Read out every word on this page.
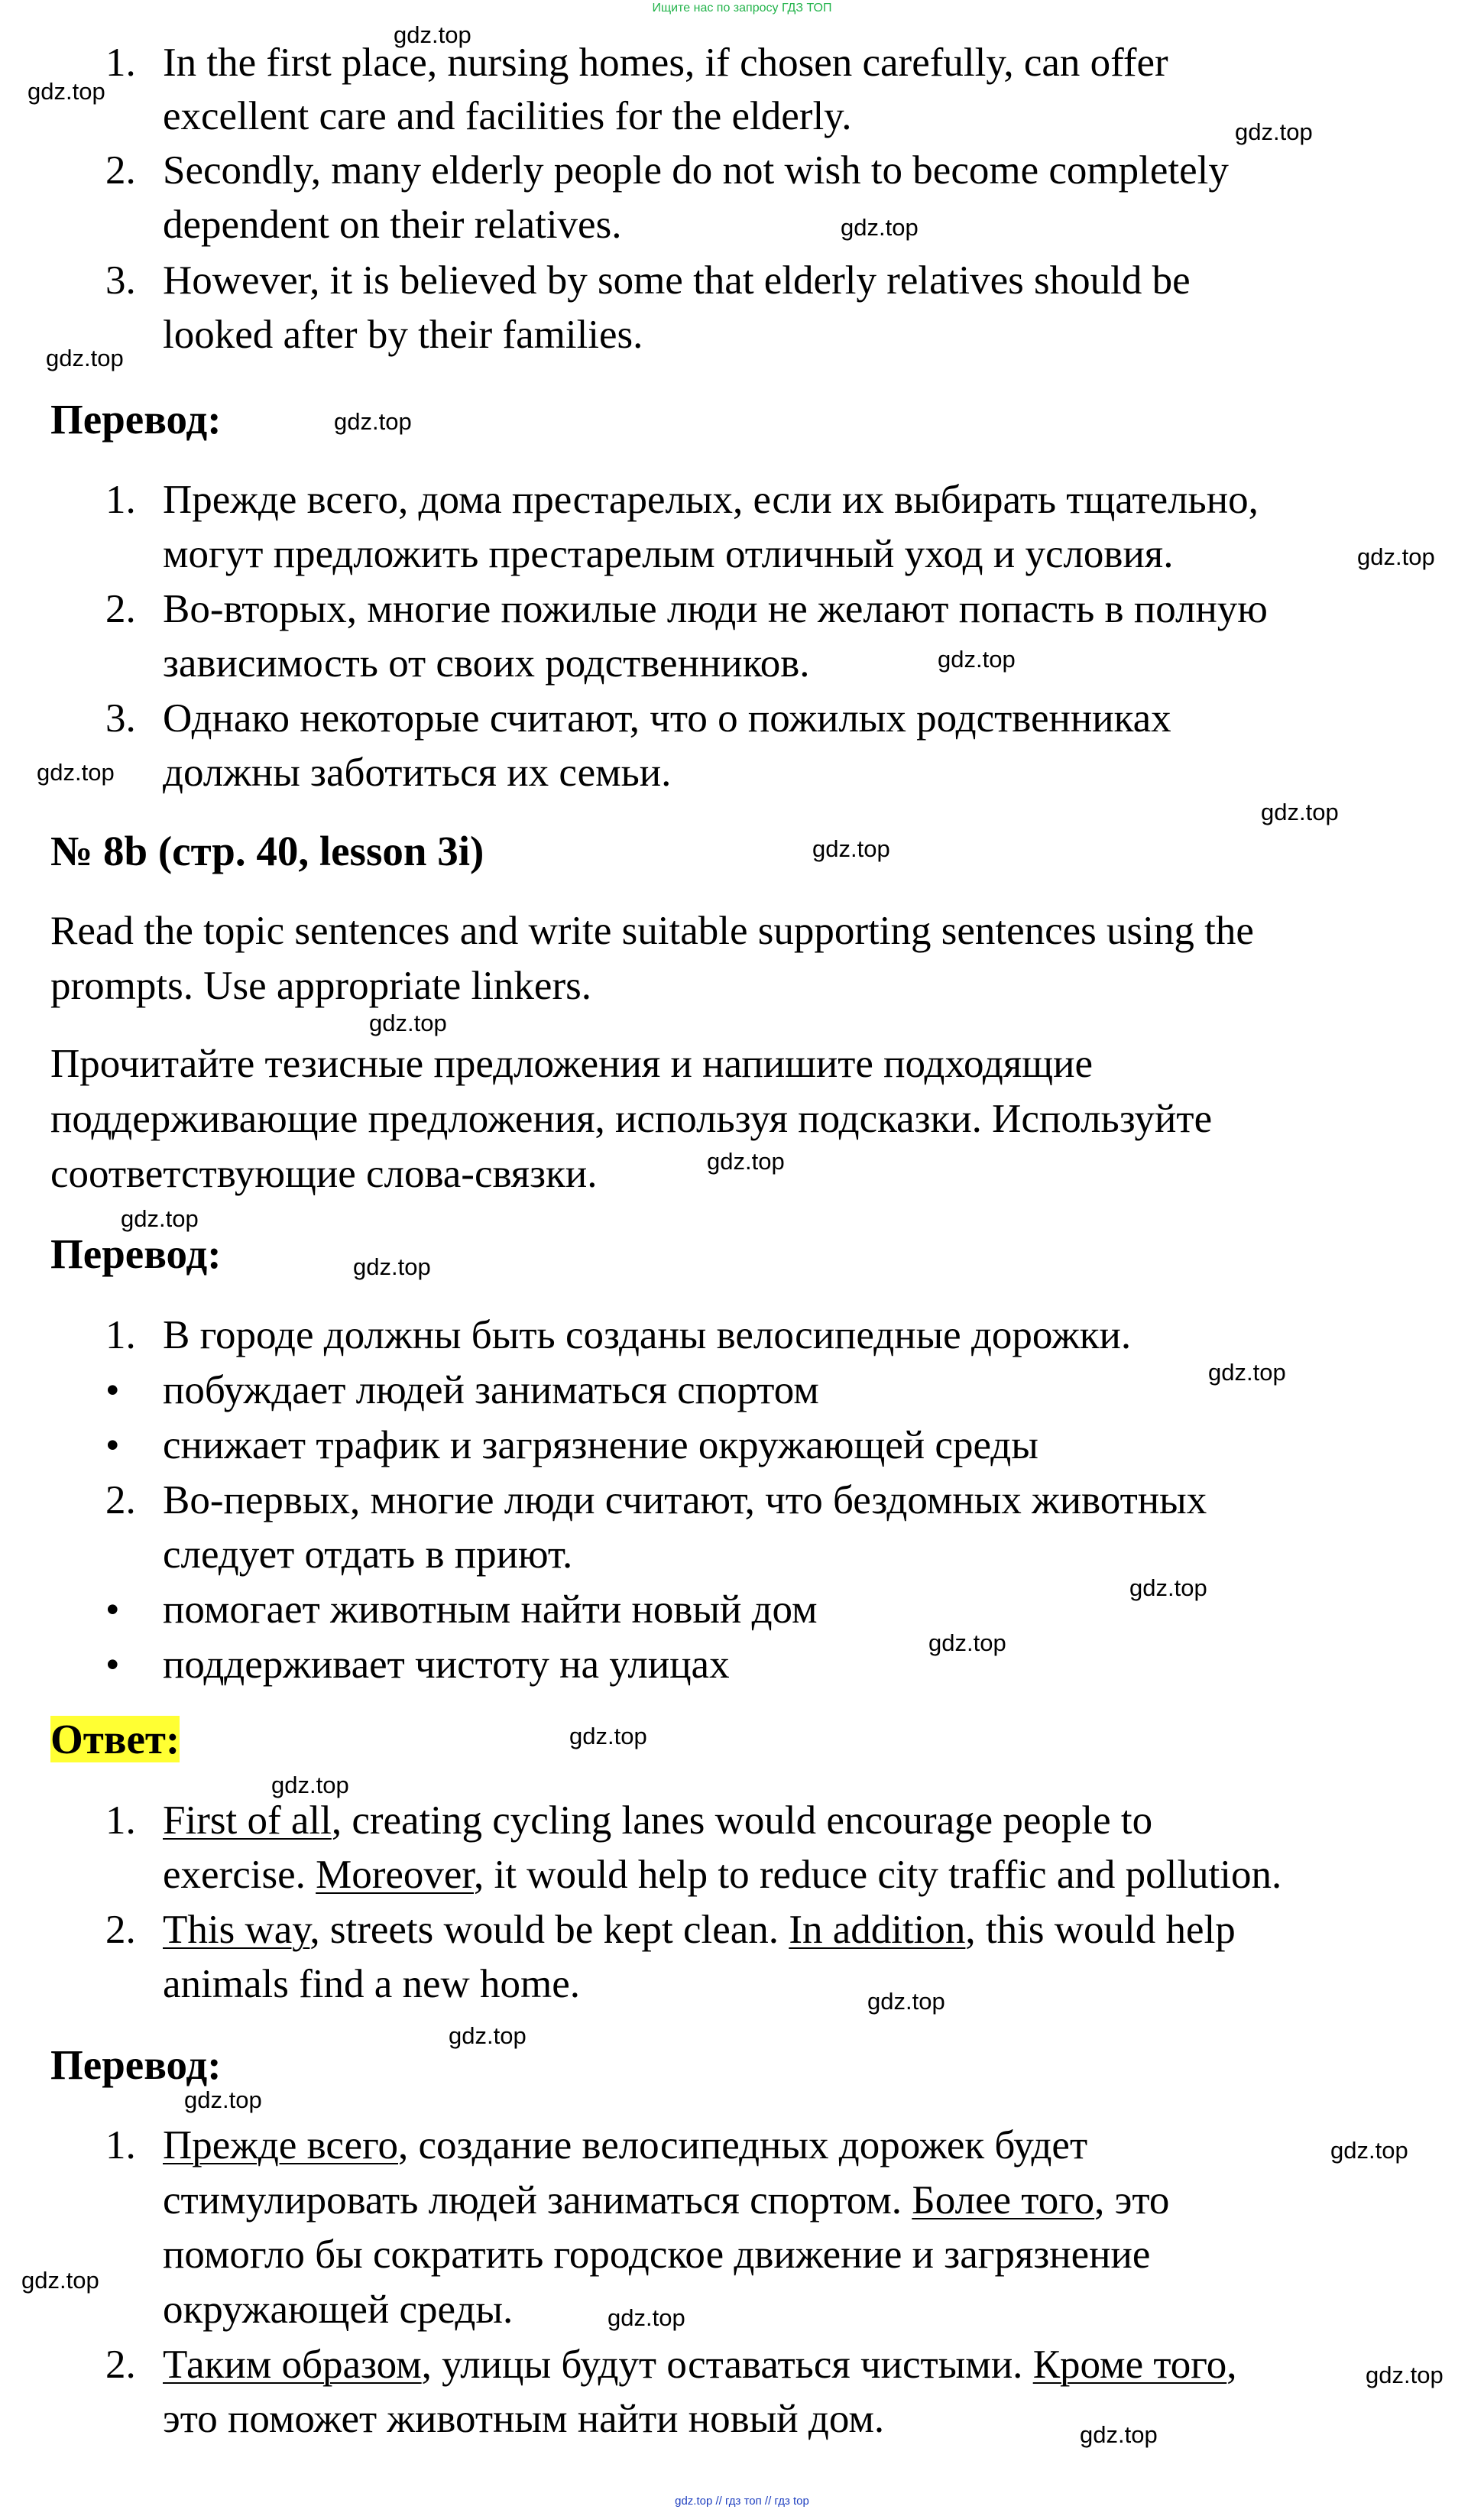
Ищите нас по запросу ГДЗ ТОП
1. In the first place, nursing homes, if chosen carefully, can offer
excellent care and facilities for the elderly.
2. Secondly, many elderly people do not wish to become completely
dependent on their relatives.
3. However, it is believed by some that elderly relatives should be
looked after by their families.
Перевод:
1. Прежде всего, дома престарелых, если их выбирать тщательно,
могут предложить престарелым отличный уход и условия.
2. Во-вторых, многие пожилые люди не желают попасть в полную
зависимость от своих родственников.
3. Однако некоторые считают, что о пожилых родственниках
должны заботиться их семьи.
№ 8b (стр. 40, lesson 3i)
Read the topic sentences and write suitable supporting sentences using the
prompts. Use appropriate linkers.
Прочитайте тезисные предложения и напишите подходящие
поддерживающие предложения, используя подсказки. Используйте
соответствующие слова-связки.
Перевод:
1. В городе должны быть созданы велосипедные дорожки.
• побуждает людей заниматься спортом
• снижает трафик и загрязнение окружающей среды
2. Во-первых, многие люди считают, что бездомных животных
следует отдать в приют.
• помогает животным найти новый дом
• поддерживает чистоту на улицах
Ответ:
1. First of all, creating cycling lanes would encourage people to
exercise. Moreover, it would help to reduce city traffic and pollution.
2. This way, streets would be kept clean. In addition, this would help
animals find a new home.
Перевод:
1. Прежде всего, создание велосипедных дорожек будет
стимулировать людей заниматься спортом. Более того, это
помогло бы сократить городское движение и загрязнение
окружающей среды.
2. Таким образом, улицы будут оставаться чистыми. Кроме того,
это поможет животным найти новый дом.
gdz.top
gdz.top
gdz.top
gdz.top
gdz.top
gdz.top
gdz.top
gdz.top
gdz.top
gdz.top
gdz.top
gdz.top
gdz.top
gdz.top
gdz.top
gdz.top
gdz.top
gdz.top
gdz.top
gdz.top
gdz.top
gdz.top
gdz.top
gdz.top
gdz.top
gdz.top
gdz.top
gdz.top
gdz.top // гдз топ // гдз top
